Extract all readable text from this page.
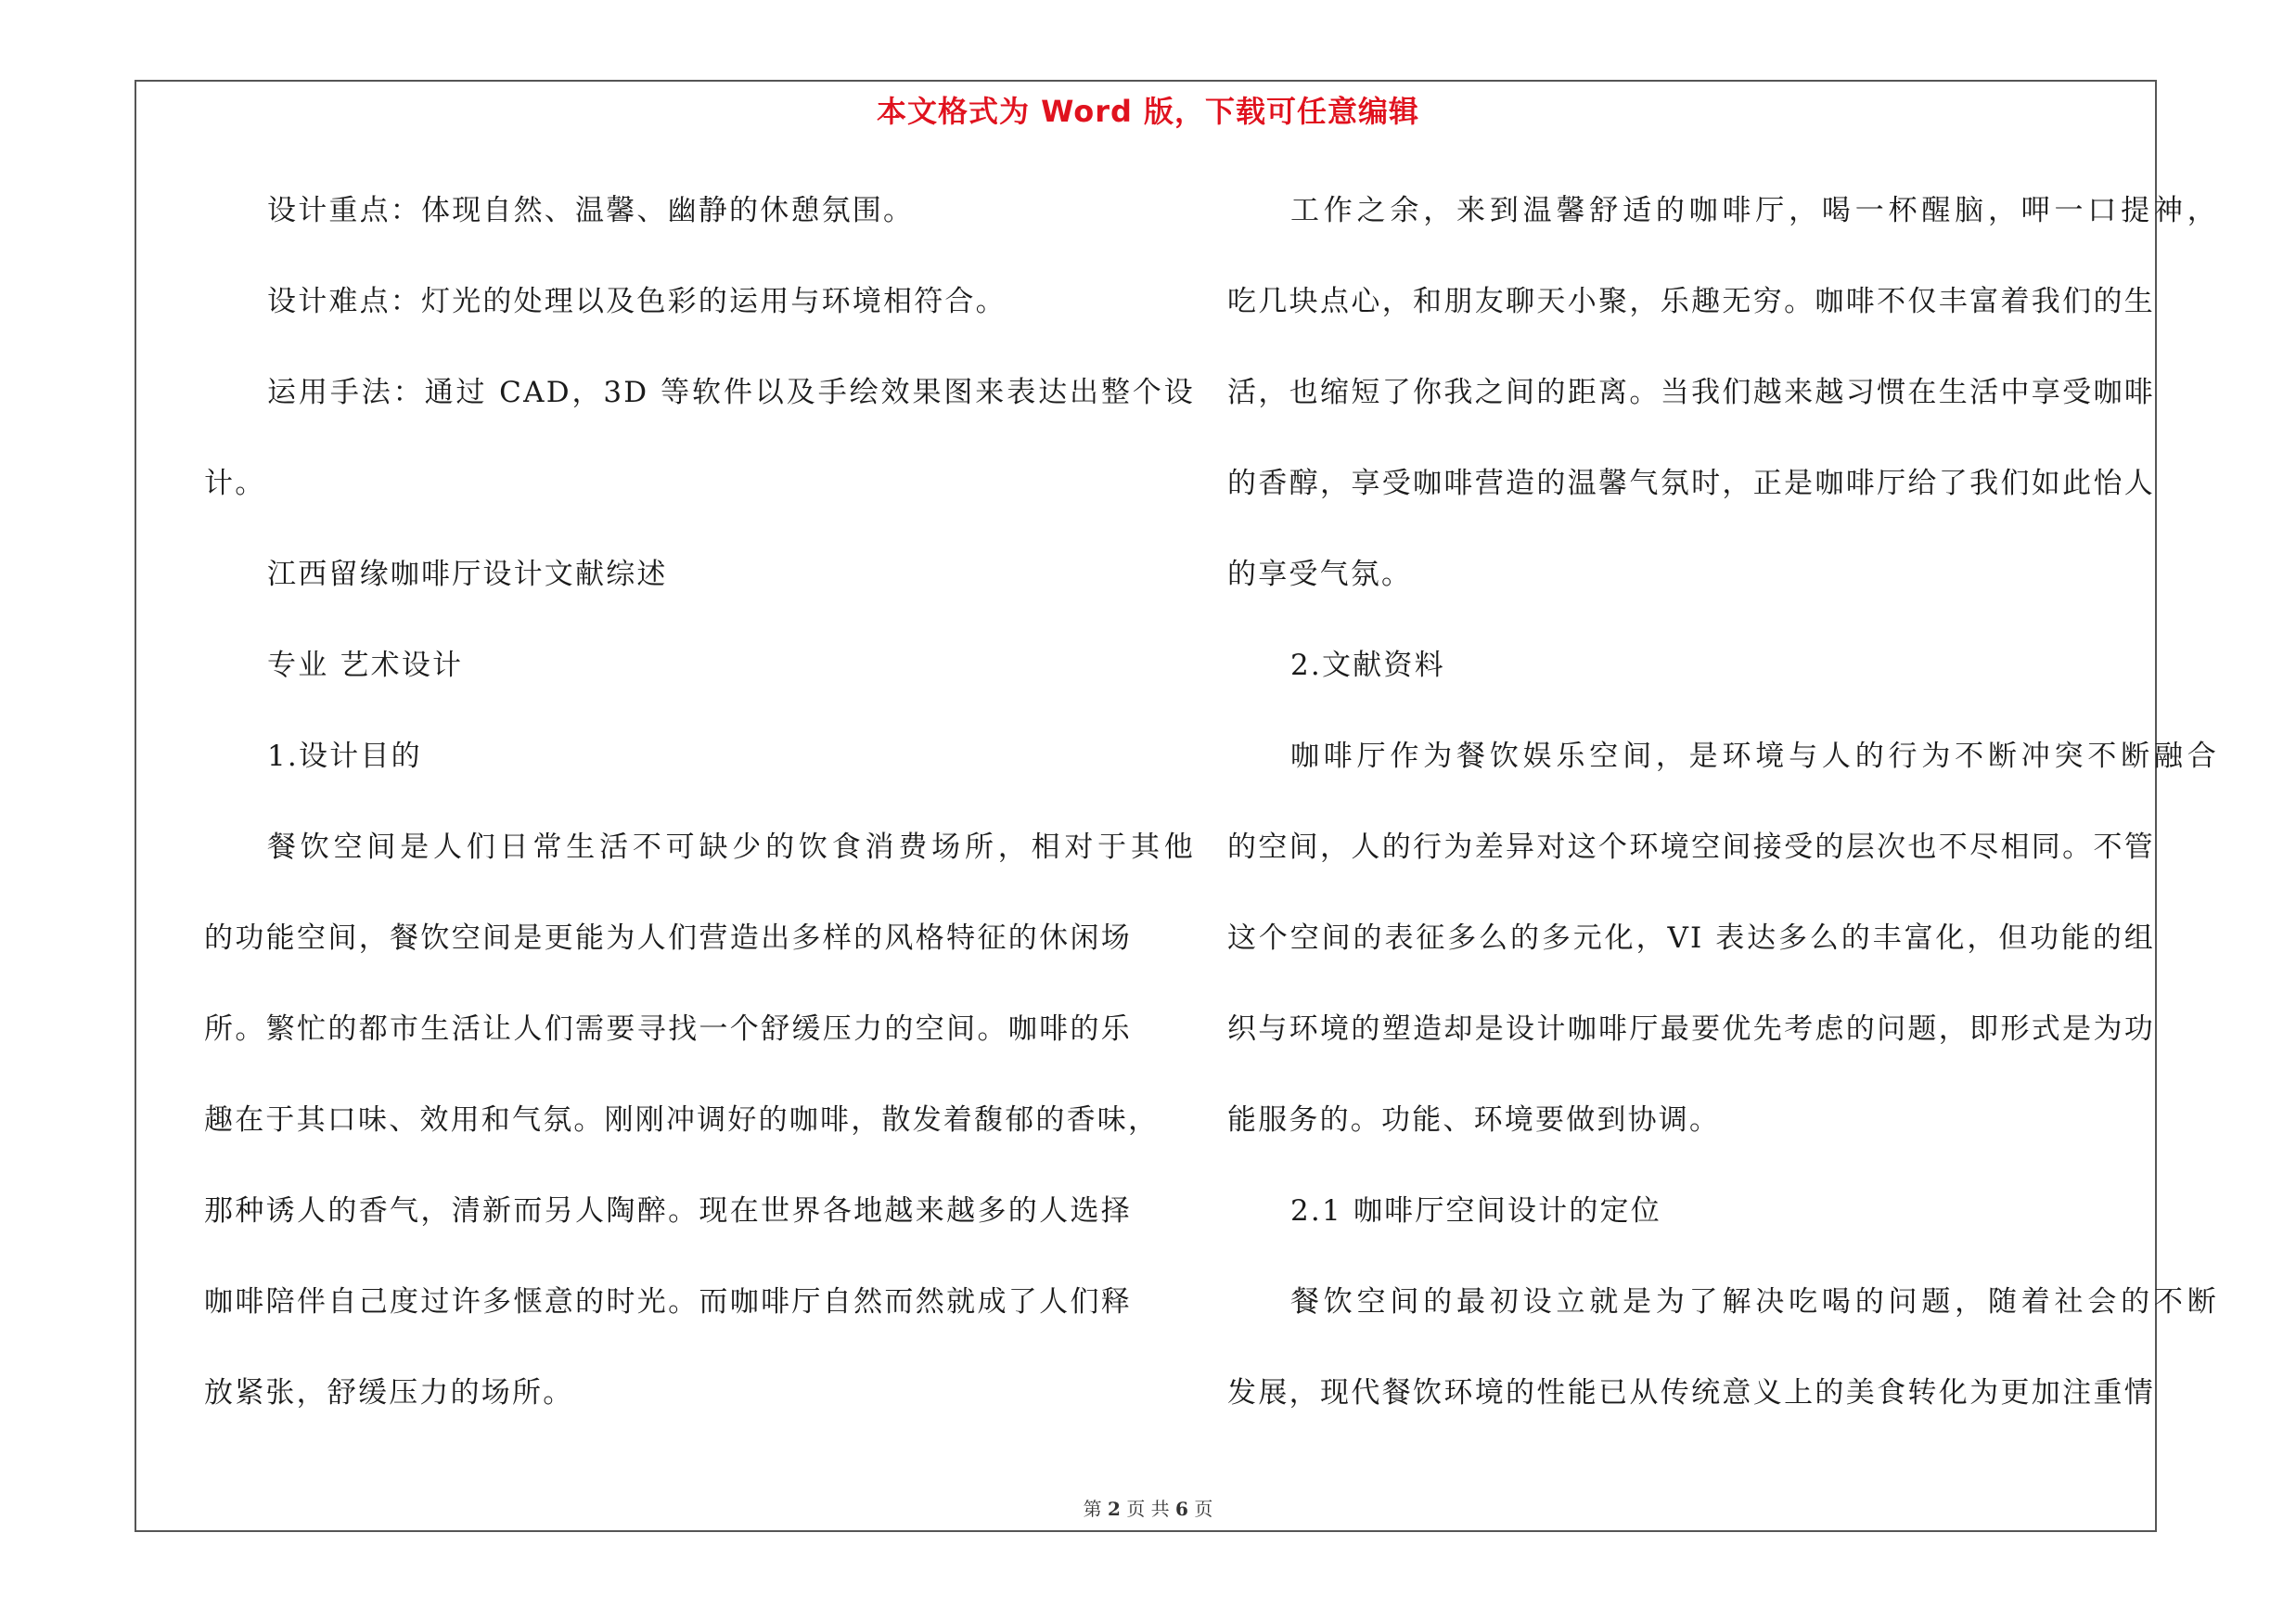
本文格式为 Word 版，下载可任意编辑
设计重点：体现自然、温馨、幽静的休憩氛围。
设计难点：灯光的处理以及色彩的运用与环境相符合。
运用手法：通过 CAD，3D 等软件以及手绘效果图来表达出整个设
计。
江西留缘咖啡厅设计文献综述
专业 艺术设计
1.设计目的
餐饮空间是人们日常生活不可缺少的饮食消费场所，相对于其他
的功能空间，餐饮空间是更能为人们营造出多样的风格特征的休闲场
所。繁忙的都市生活让人们需要寻找一个舒缓压力的空间。咖啡的乐
趣在于其口味、效用和气氛。刚刚冲调好的咖啡，散发着馥郁的香味，
那种诱人的香气，清新而另人陶醉。现在世界各地越来越多的人选择
咖啡陪伴自己度过许多惬意的时光。而咖啡厅自然而然就成了人们释
放紧张，舒缓压力的场所。
工作之余，来到温馨舒适的咖啡厅，喝一杯醒脑，呷一口提神，
吃几块点心，和朋友聊天小聚，乐趣无穷。咖啡不仅丰富着我们的生
活，也缩短了你我之间的距离。当我们越来越习惯在生活中享受咖啡
的香醇，享受咖啡营造的温馨气氛时，正是咖啡厅给了我们如此怡人
的享受气氛。
2.文献资料
咖啡厅作为餐饮娱乐空间，是环境与人的行为不断冲突不断融合
的空间，人的行为差异对这个环境空间接受的层次也不尽相同。不管
这个空间的表征多么的多元化，VI 表达多么的丰富化，但功能的组
织与环境的塑造却是设计咖啡厅最要优先考虑的问题，即形式是为功
能服务的。功能、环境要做到协调。
2.1 咖啡厅空间设计的定位
餐饮空间的最初设立就是为了解决吃喝的问题，随着社会的不断
发展，现代餐饮环境的性能已从传统意义上的美食转化为更加注重情
第 2 页 共 6 页
